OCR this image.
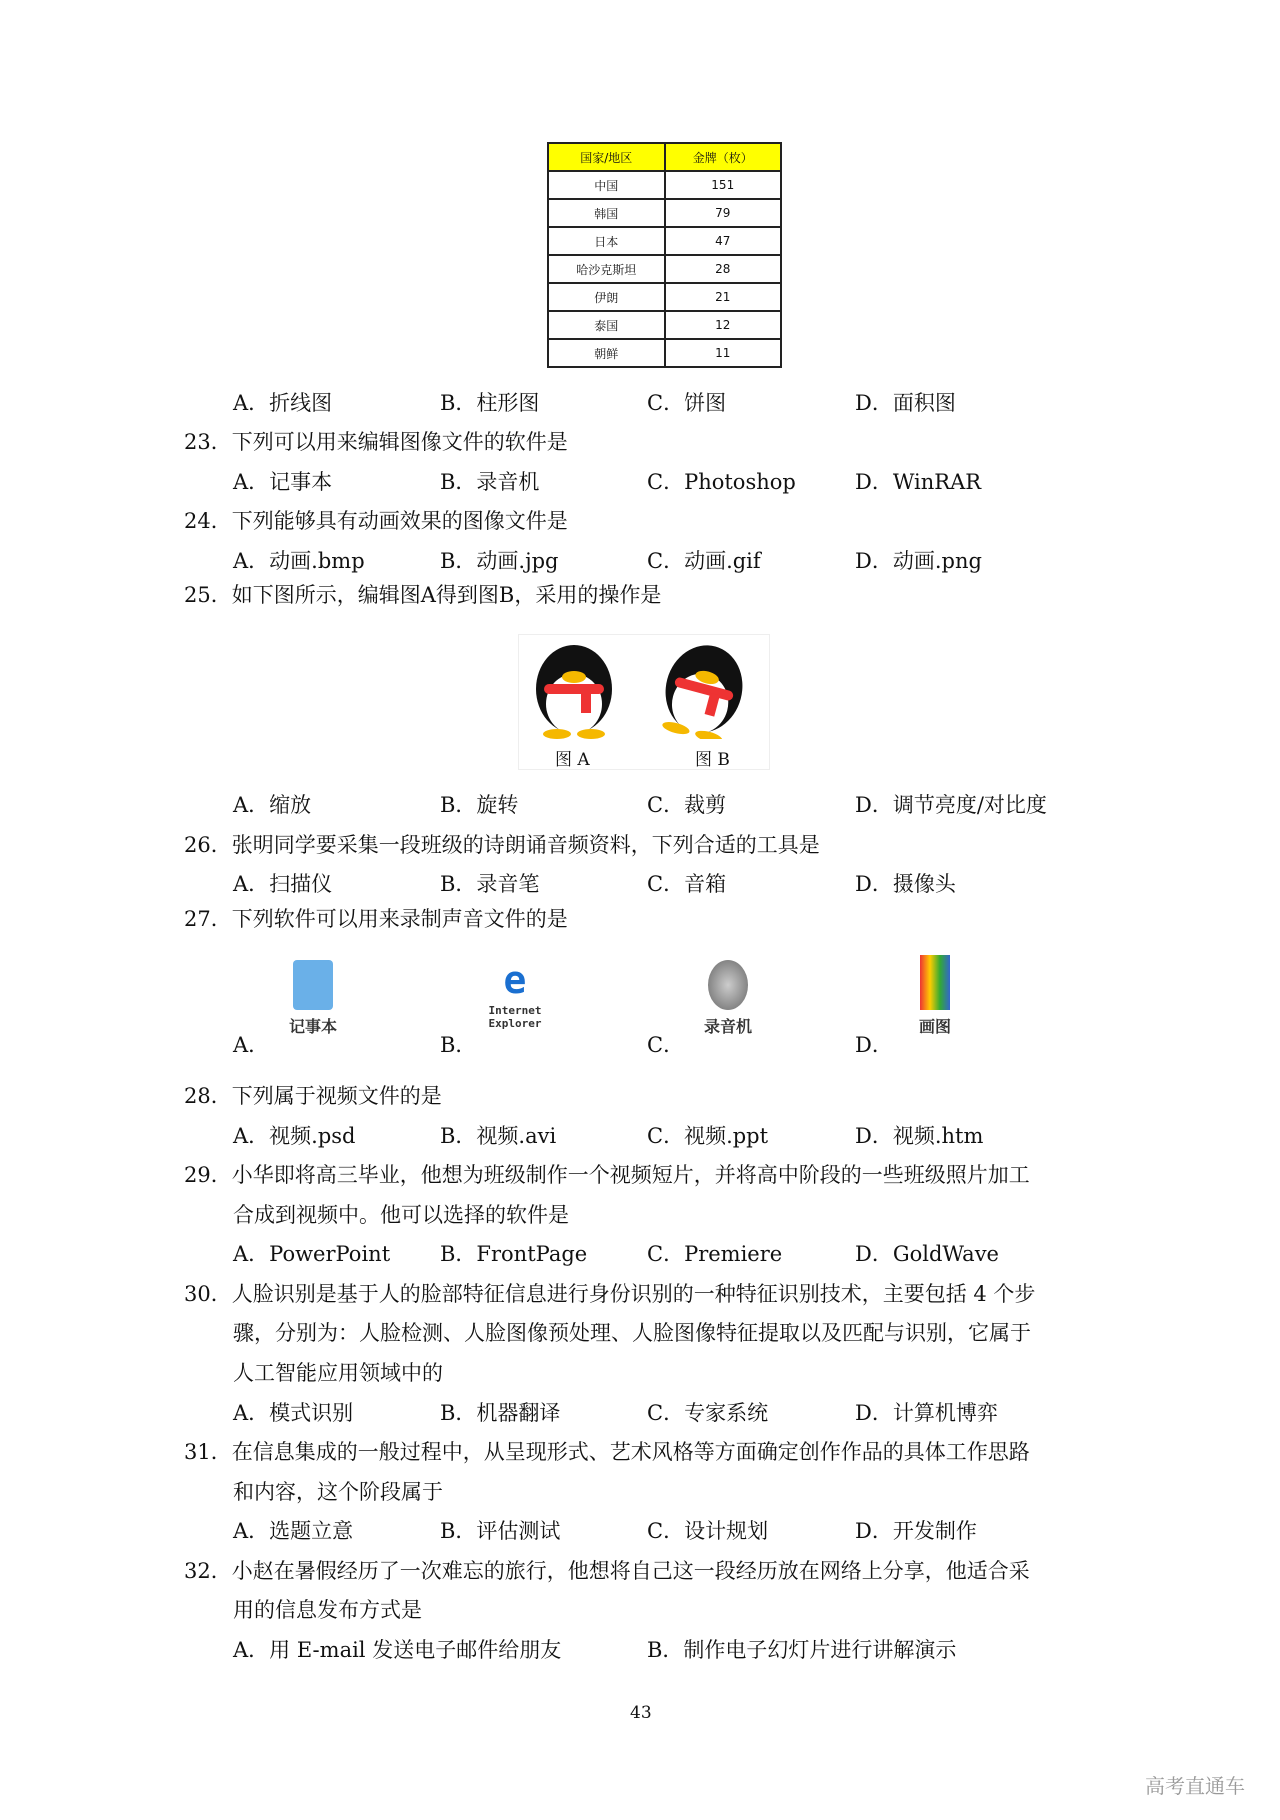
国家/地区	金牌（枚）
中国	151
韩国	79
日本	47
哈沙克斯坦	28
伊朗	21
泰国	12
朝鲜	11
A．折线图	B．柱形图	C．饼图	D．面积图
23．下列可以用来编辑图像文件的软件是
A．记事本	B．录音机	C．Photoshop	D．WinRAR
24．下列能够具有动画效果的图像文件是
A．动画.bmp	B．动画.jpg	C．动画.gif	D．动画.png
25．如下图所示，编辑图A得到图B，采用的操作是
图 A	图 B
A．缩放	B．旋转	C．裁剪	D．调节亮度/对比度
26．张明同学要采集一段班级的诗朗诵音频资料，下列合适的工具是
A．扫描仪	B．录音笔	C．音箱	D．摄像头
27．下列软件可以用来录制声音文件的是
A．	B．	C．	D．
记事本
e
Internet Explorer	录音机	画图
28．下列属于视频文件的是
A．视频.psd	B．视频.avi	C．视频.ppt	D．视频.htm
29．小华即将高三毕业，他想为班级制作一个视频短片，并将高中阶段的一些班级照片加工
合成到视频中。他可以选择的软件是
A．PowerPoint B．FrontPage	C．Premiere	D．GoldWave
30．人脸识别是基于人的脸部特征信息进行身份识别的一种特征识别技术，主要包括 4 个步
骤，分别为：人脸检测、人脸图像预处理、人脸图像特征提取以及匹配与识别，它属于
人工智能应用领域中的
A．模式识别	B．机器翻译	C．专家系统	D．计算机博弈
31．在信息集成的一般过程中，从呈现形式、艺术风格等方面确定创作作品的具体工作思路
和内容，这个阶段属于
A．选题立意	B．评估测试	C．设计规划	D．开发制作
32．小赵在暑假经历了一次难忘的旅行，他想将自己这一段经历放在网络上分享，他适合采
用的信息发布方式是
A．用 E-mail 发送电子邮件给朋友	B．制作电子幻灯片进行讲解演示
43
高考直通车
